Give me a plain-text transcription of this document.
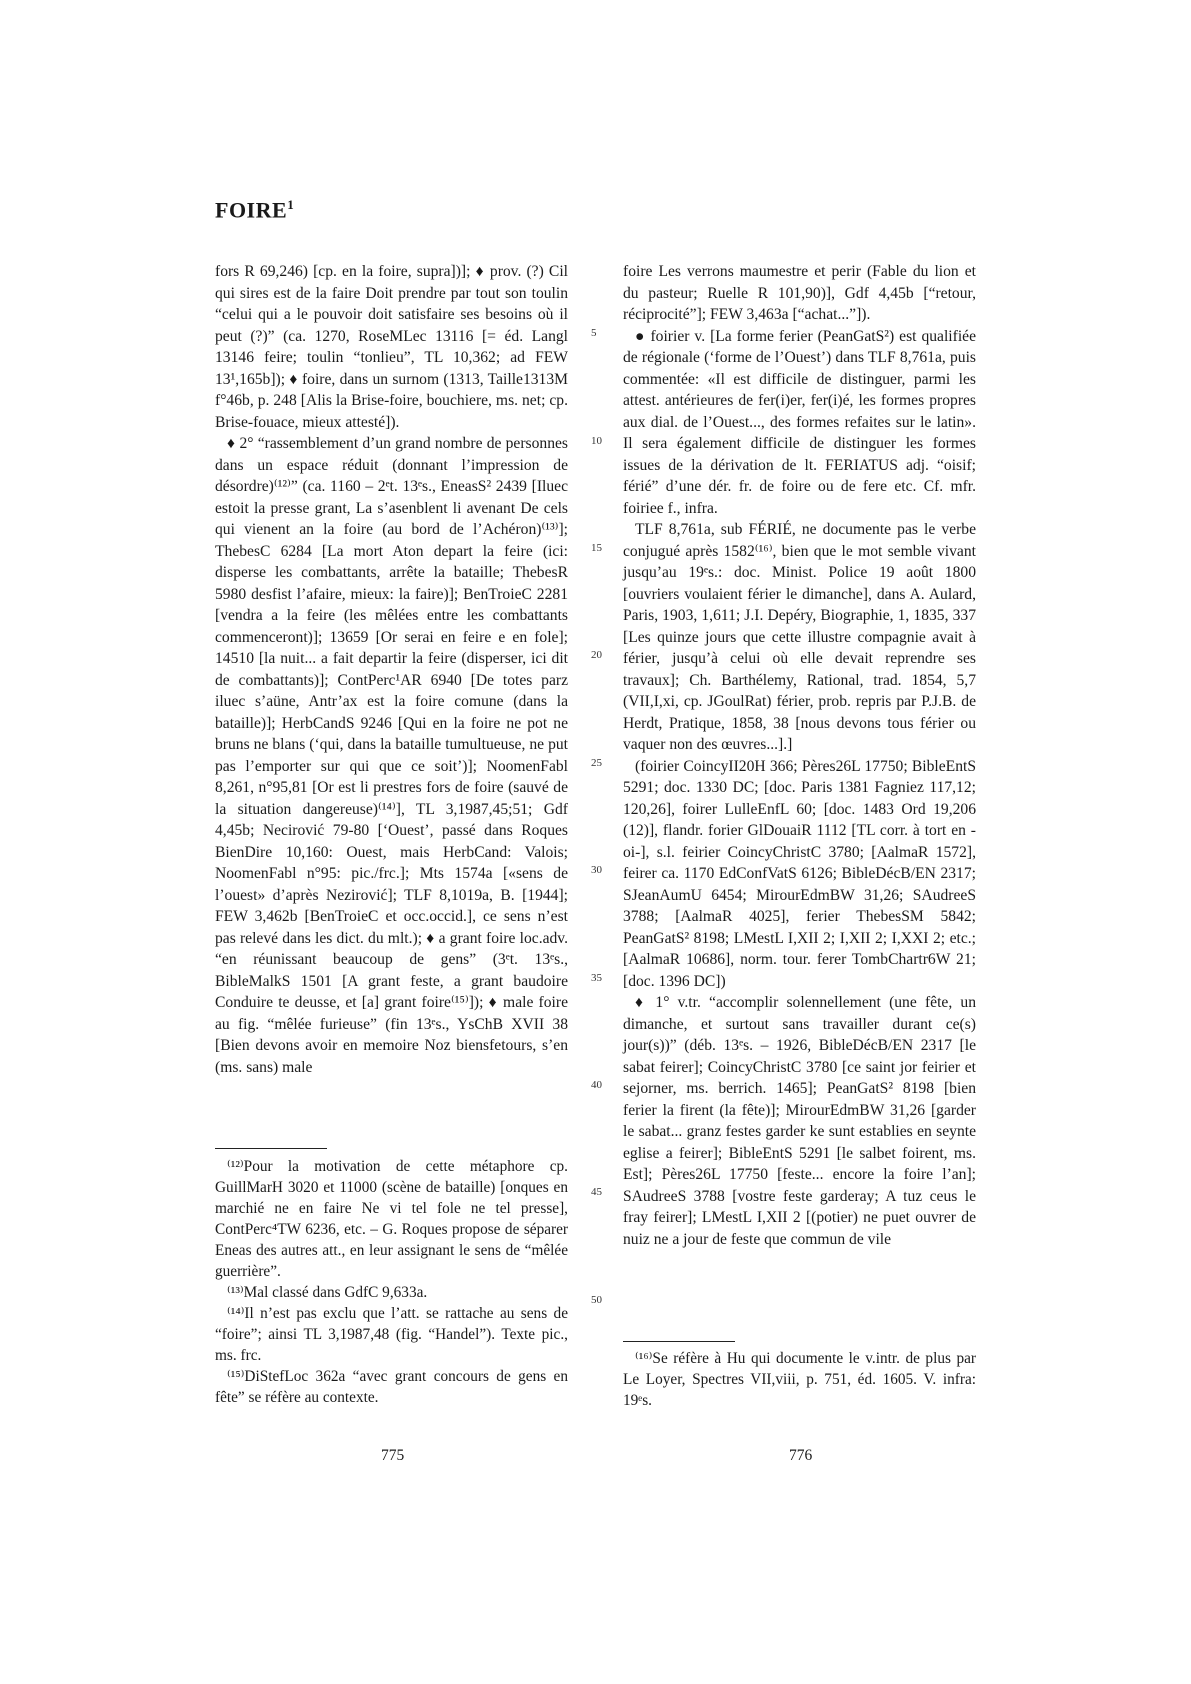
FOIRE$^1$

fors R 69,246) [cp. en la foire, supra])]; ♦ prov. (?) Cil qui sires est de la faire Doit prendre par tout son toulin “celui qui a le pouvoir doit satisfaire ses besoins où il peut (?)” (ca. 1270, RoseMLec 13116 [= éd. Langl 13146 feire; toulin “tonlieu”, TL 10,362; ad FEW 13¹,165b]); ♦ foire, dans un surnom (1313, Taille1313M f°46b, p. 248 [Alis la Brise-foire, bouchiere, ms. net; cp. Brise-fouace, mieux attesté]).

♦ 2° “rassemblement d’un grand nombre de personnes dans un espace réduit (donnant l’impression de désordre)⁽¹²⁾” (ca. 1160 – 2ᵉt. 13ᵉs., EneasS² 2439 [Iluec estoit la presse grant, La s’asenblent li avenant De cels qui vienent an la foire (au bord de l’Achéron)⁽¹³⁾]; ThebesC 6284 [La mort Aton depart la feire (ici: disperse les combattants, arrête la bataille; ThebesR 5980 desfist l’afaire, mieux: la faire)]; BenTroieC 2281 [vendra a la feire (les mêlées entre les combattants commenceront)]; 13659 [Or serai en feire e en fole]; 14510 [la nuit... a fait departir la feire (disperser, ici dit de combattants)]; ContPerc¹AR 6940 [De totes parz iluec s’aüne, Antr’ax est la foire comune (dans la bataille)]; HerbCandS 9246 [Qui en la foire ne pot ne bruns ne blans (‘qui, dans la bataille tumultueuse, ne put pas l’emporter sur qui que ce soit’)]; NoomenFabl 8,261, n°95,81 [Or est li prestres fors de foire (sauvé de la situation dangereuse)⁽¹⁴⁾], TL 3,1987,45;51; Gdf 4,45b; Necirović 79-80 [‘Ouest’, passé dans Roques BienDire 10,160: Ouest, mais HerbCand: Valois; NoomenFabl n°95: pic./frc.]; Mts 1574a [«sens de l’ouest» d’après Nezirović]; TLF 8,1019a, B. [1944]; FEW 3,462b [BenTroieC et occ.occid.], ce sens n’est pas relevé dans les dict. du mlt.); ♦ a grant foire loc.adv. “en réunissant beaucoup de gens” (3ᵉt. 13ᵉs., BibleMalkS 1501 [A grant feste, a grant baudoire Conduire te deusse, et [a] grant foire⁽¹⁵⁾]); ♦ male foire au fig. “mêlée furieuse” (fin 13ᵉs., YsChB XVII 38 [Bien devons avoir en memoire Noz biensfetours, s’en (ms. sans) male

5
10
15
20
25
30
35
40
45
50

foire Les verrons maumestre et perir (Fable du lion et du pasteur; Ruelle R 101,90)], Gdf 4,45b [“retour, réciprocité”]; FEW 3,463a [“achat...”]).

● foirier v. [La forme ferier (PeanGatS²) est qualifiée de régionale (‘forme de l’Ouest’) dans TLF 8,761a, puis commentée: «Il est difficile de distinguer, parmi les attest. antérieures de fer(i)er, fer(i)é, les formes propres aux dial. de l’Ouest..., des formes refaites sur le latin». Il sera également difficile de distinguer les formes issues de la dérivation de lt. FERIATUS adj. “oisif; férié” d’une dér. fr. de foire ou de fere etc. Cf. mfr. foiriee f., infra.

TLF 8,761a, sub FÉRIÉ, ne documente pas le verbe conjugué après 1582⁽¹⁶⁾, bien que le mot semble vivant jusqu’au 19ᵉs.: doc. Minist. Police 19 août 1800 [ouvriers voulaient férier le dimanche], dans A. Aulard, Paris, 1903, 1,611; J.I. Depéry, Biographie, 1, 1835, 337 [Les quinze jours que cette illustre compagnie avait à férier, jusqu’à celui où elle devait reprendre ses travaux]; Ch. Barthélemy, Rational, trad. 1854, 5,7 (VII,I,xi, cp. JGoulRat) férier, prob. repris par P.J.B. de Herdt, Pratique, 1858, 38 [nous devons tous férier ou vaquer non des œuvres...].]

(foirier CoincyII20H 366; Pères26L 17750; BibleEntS 5291; doc. 1330 DC; [doc. Paris 1381 Fagniez 117,12; 120,26], foirer LulleEnfL 60; [doc. 1483 Ord 19,206 (12)], flandr. forier GlDouaiR 1112 [TL corr. à tort en -oi-], s.l. feirier CoincyChristC 3780; [AalmaR 1572], feirer ca. 1170 EdConfVatS 6126; BibleDécB/EN 2317; SJeanAumU 6454; MirourEdmBW 31,26; SAudreeS 3788; [AalmaR 4025], ferier ThebesSM 5842; PeanGatS² 8198; LMestL I,XII 2; I,XII 2; I,XXI 2; etc.; [AalmaR 10686], norm. tour. ferer TombChartr6W 21; [doc. 1396 DC])

♦ 1° v.tr. “accomplir solennellement (une fête, un dimanche, et surtout sans travailler durant ce(s) jour(s))” (déb. 13ᵉs. – 1926, BibleDécB/EN 2317 [le sabat feirer]; CoincyChristC 3780 [ce saint jor feirier et sejorner, ms. berrich. 1465]; PeanGatS² 8198 [bien ferier la firent (la fête)]; MirourEdmBW 31,26 [garder le sabat... granz festes garder ke sunt establies en seynte eglise a feirer]; BibleEntS 5291 [le salbet foirent, ms. Est]; Pères26L 17750 [feste... encore la foire l’an]; SAudreeS 3788 [vostre feste garderay; A tuz ceus le fray feirer]; LMestL I,XII 2 [(potier) ne puet ouvrer de nuiz ne a jour de feste que commun de vile

⁽¹²⁾Pour la motivation de cette métaphore cp. GuillMarH 3020 et 11000 (scène de bataille) [onques en marchié ne en faire Ne vi tel fole ne tel presse], ContPerc⁴TW 6236, etc. – G. Roques propose de séparer Eneas des autres att., en leur assignant le sens de “mêlée guerrière”.

⁽¹³⁾Mal classé dans GdfC 9,633a.

⁽¹⁴⁾Il n’est pas exclu que l’att. se rattache au sens de “foire”; ainsi TL 3,1987,48 (fig. “Handel”). Texte pic., ms. frc.

⁽¹⁵⁾DiStefLoc 362a “avec grant concours de gens en fête” se réfère au contexte.

⁽¹⁶⁾Se réfère à Hu qui documente le v.intr. de plus par Le Loyer, Spectres VII,viii, p. 751, éd. 1605. V. infra: 19ᵉs.

775	776
